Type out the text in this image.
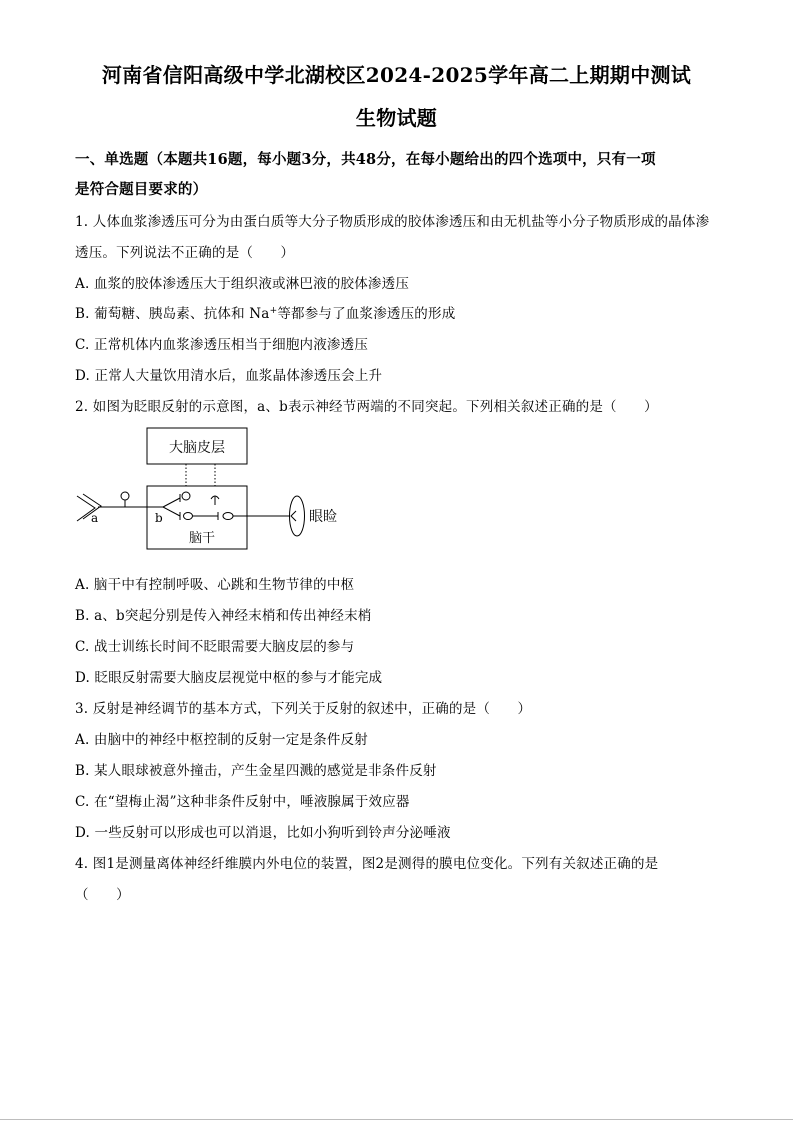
河南省信阳高级中学北湖校区2024-2025学年高二上期期中测试
生物试题
一、单选题（本题共16题，每小题3分，共48分，在每小题给出的四个选项中，只有一项
是符合题目要求的）
1. 人体血浆渗透压可分为由蛋白质等大分子物质形成的胶体渗透压和由无机盐等小分子物质形成的晶体渗
透压。下列说法不正确的是（　　）
A. 血浆的胶体渗透压大于组织液或淋巴液的胶体渗透压
B. 葡萄糖、胰岛素、抗体和 Na+等都参与了血浆渗透压的形成
C. 正常机体内血浆渗透压相当于细胞内液渗透压
D. 正常人大量饮用清水后，血浆晶体渗透压会上升
2. 如图为眨眼反射的示意图，a、b表示神经节两端的不同突起。下列相关叙述正确的是（　　）
大脑皮层
脑干
眼睑
a	b
A. 脑干中有控制呼吸、心跳和生物节律的中枢
B. a、b突起分别是传入神经末梢和传出神经末梢
C. 战士训练长时间不眨眼需要大脑皮层的参与
D. 眨眼反射需要大脑皮层视觉中枢的参与才能完成
3. 反射是神经调节的基本方式，下列关于反射的叙述中，正确的是（　　）
A. 由脑中的神经中枢控制的反射一定是条件反射
B. 某人眼球被意外撞击，产生金星四溅的感觉是非条件反射
C. 在“望梅止渴”这种非条件反射中，唾液腺属于效应器
D. 一些反射可以形成也可以消退，比如小狗听到铃声分泌唾液
4. 图1是测量离体神经纤维膜内外电位的装置，图2是测得的膜电位变化。下列有关叙述正确的是
（　　）
